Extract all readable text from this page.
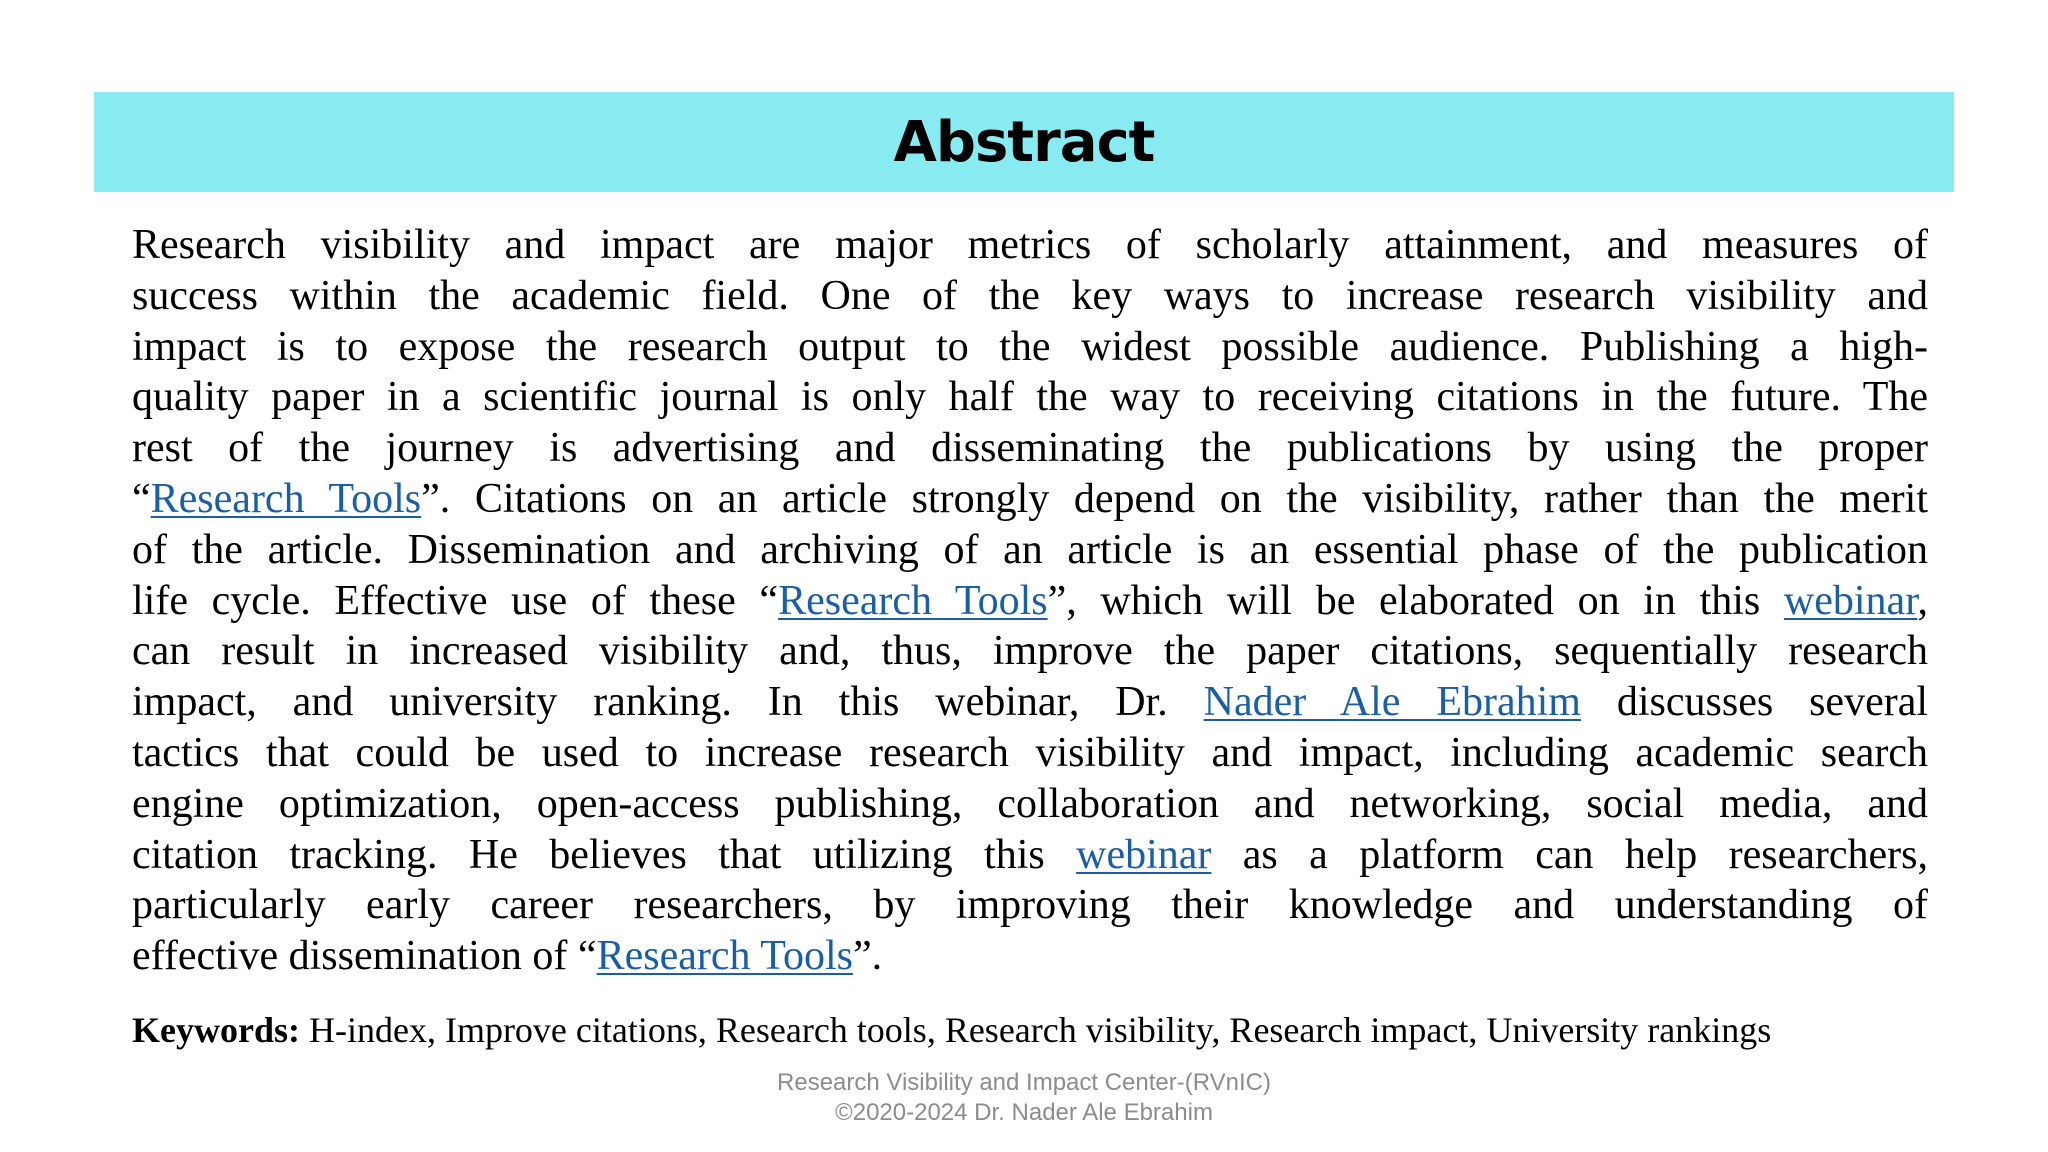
Abstract
Research visibility and impact are major metrics of scholarly attainment, and measures of
success within the academic field. One of the key ways to increase research visibility and
impact is to expose the research output to the widest possible audience. Publishing a high-
quality paper in a scientific journal is only half the way to receiving citations in the future. The
rest of the journey is advertising and disseminating the publications by using the proper
“Research Tools”. Citations on an article strongly depend on the visibility, rather than the merit
of the article. Dissemination and archiving of an article is an essential phase of the publication
life cycle. Effective use of these “Research Tools”, which will be elaborated on in this webinar,
can result in increased visibility and, thus, improve the paper citations, sequentially research
impact, and university ranking. In this webinar, Dr. Nader Ale Ebrahim discusses several
tactics that could be used to increase research visibility and impact, including academic search
engine optimization, open-access publishing, collaboration and networking, social media, and
citation tracking. He believes that utilizing this webinar as a platform can help researchers,
particularly early career researchers, by improving their knowledge and understanding of
effective dissemination of “Research Tools”.
Keywords: H-index, Improve citations, Research tools, Research visibility, Research impact, University rankings
Research Visibility and Impact Center-(RVnIC)
©2020-2024 Dr. Nader Ale Ebrahim
